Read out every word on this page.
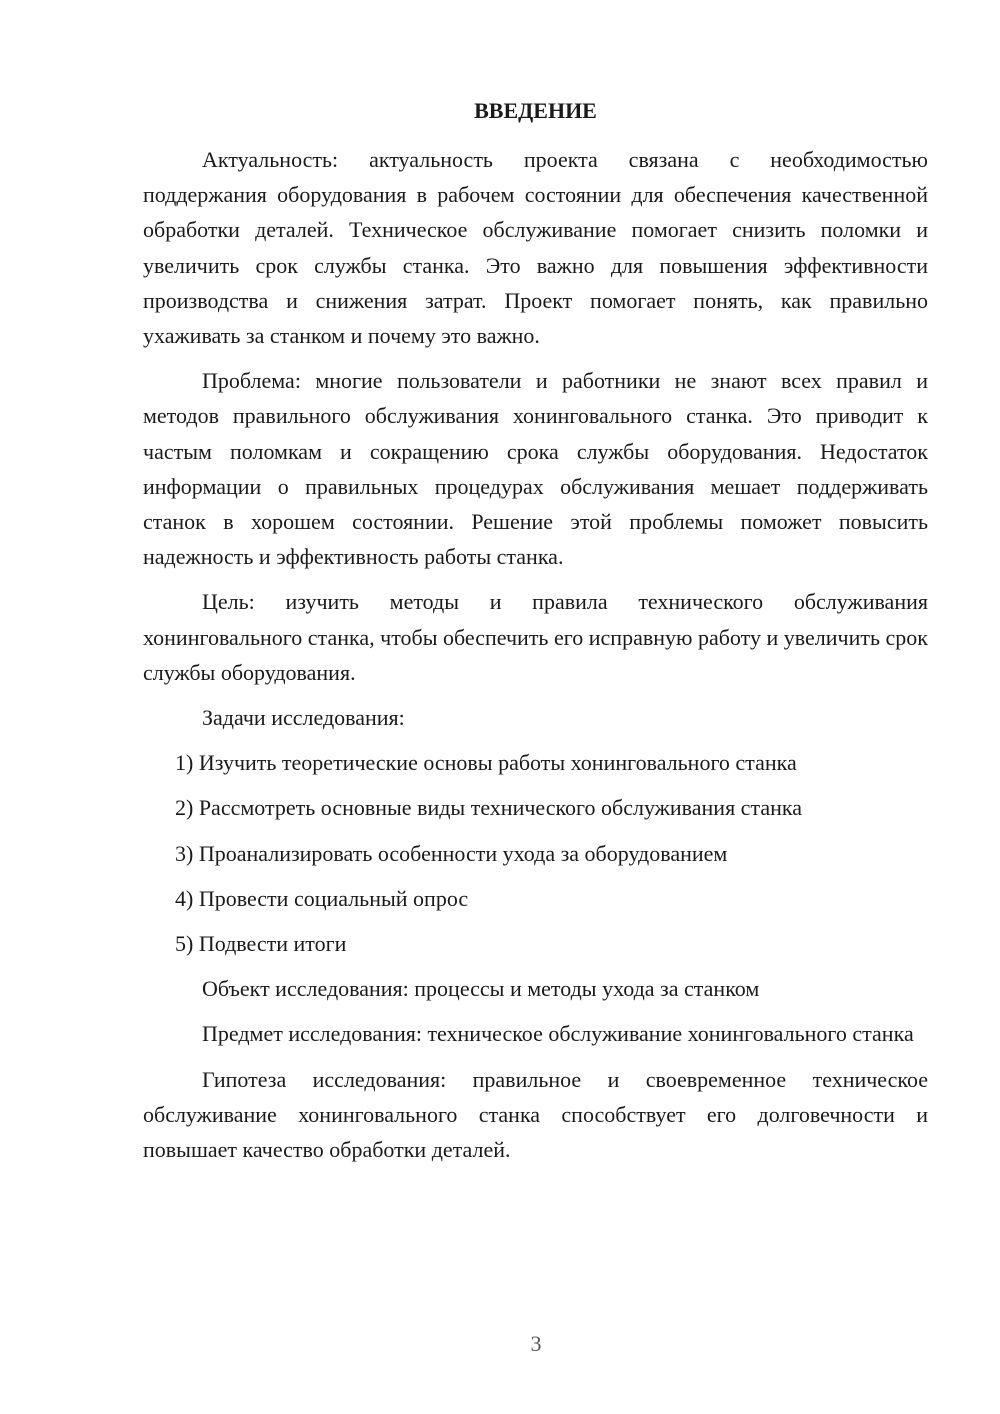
ВВЕДЕНИЕ

Актуальность: актуальность проекта связана с необходимостью поддержания оборудования в рабочем состоянии для обеспечения качественной обработки деталей. Техническое обслуживание помогает снизить поломки и увеличить срок службы станка. Это важно для повышения эффективности производства и снижения затрат. Проект помогает понять, как правильно ухаживать за станком и почему это важно.

Проблема: многие пользователи и работники не знают всех правил и методов правильного обслуживания хонинговального станка. Это приводит к частым поломкам и сокращению срока службы оборудования. Недостаток информации о правильных процедурах обслуживания мешает поддерживать станок в хорошем состоянии. Решение этой проблемы поможет повысить надежность и эффективность работы станка.

Цель: изучить методы и правила технического обслуживания хонинговального станка, чтобы обеспечить его исправную работу и увеличить срок службы оборудования.

Задачи исследования:

1) Изучить теоретические основы работы хонинговального станка
2) Рассмотреть основные виды технического обслуживания станка
3) Проанализировать особенности ухода за оборудованием
4) Провести социальный опрос
5) Подвести итоги

Объект исследования: процессы и методы ухода за станком

Предмет исследования: техническое обслуживание хонинговального станка

Гипотеза исследования: правильное и своевременное техническое обслуживание хонинговального станка способствует его долговечности и повышает качество обработки деталей.

3
